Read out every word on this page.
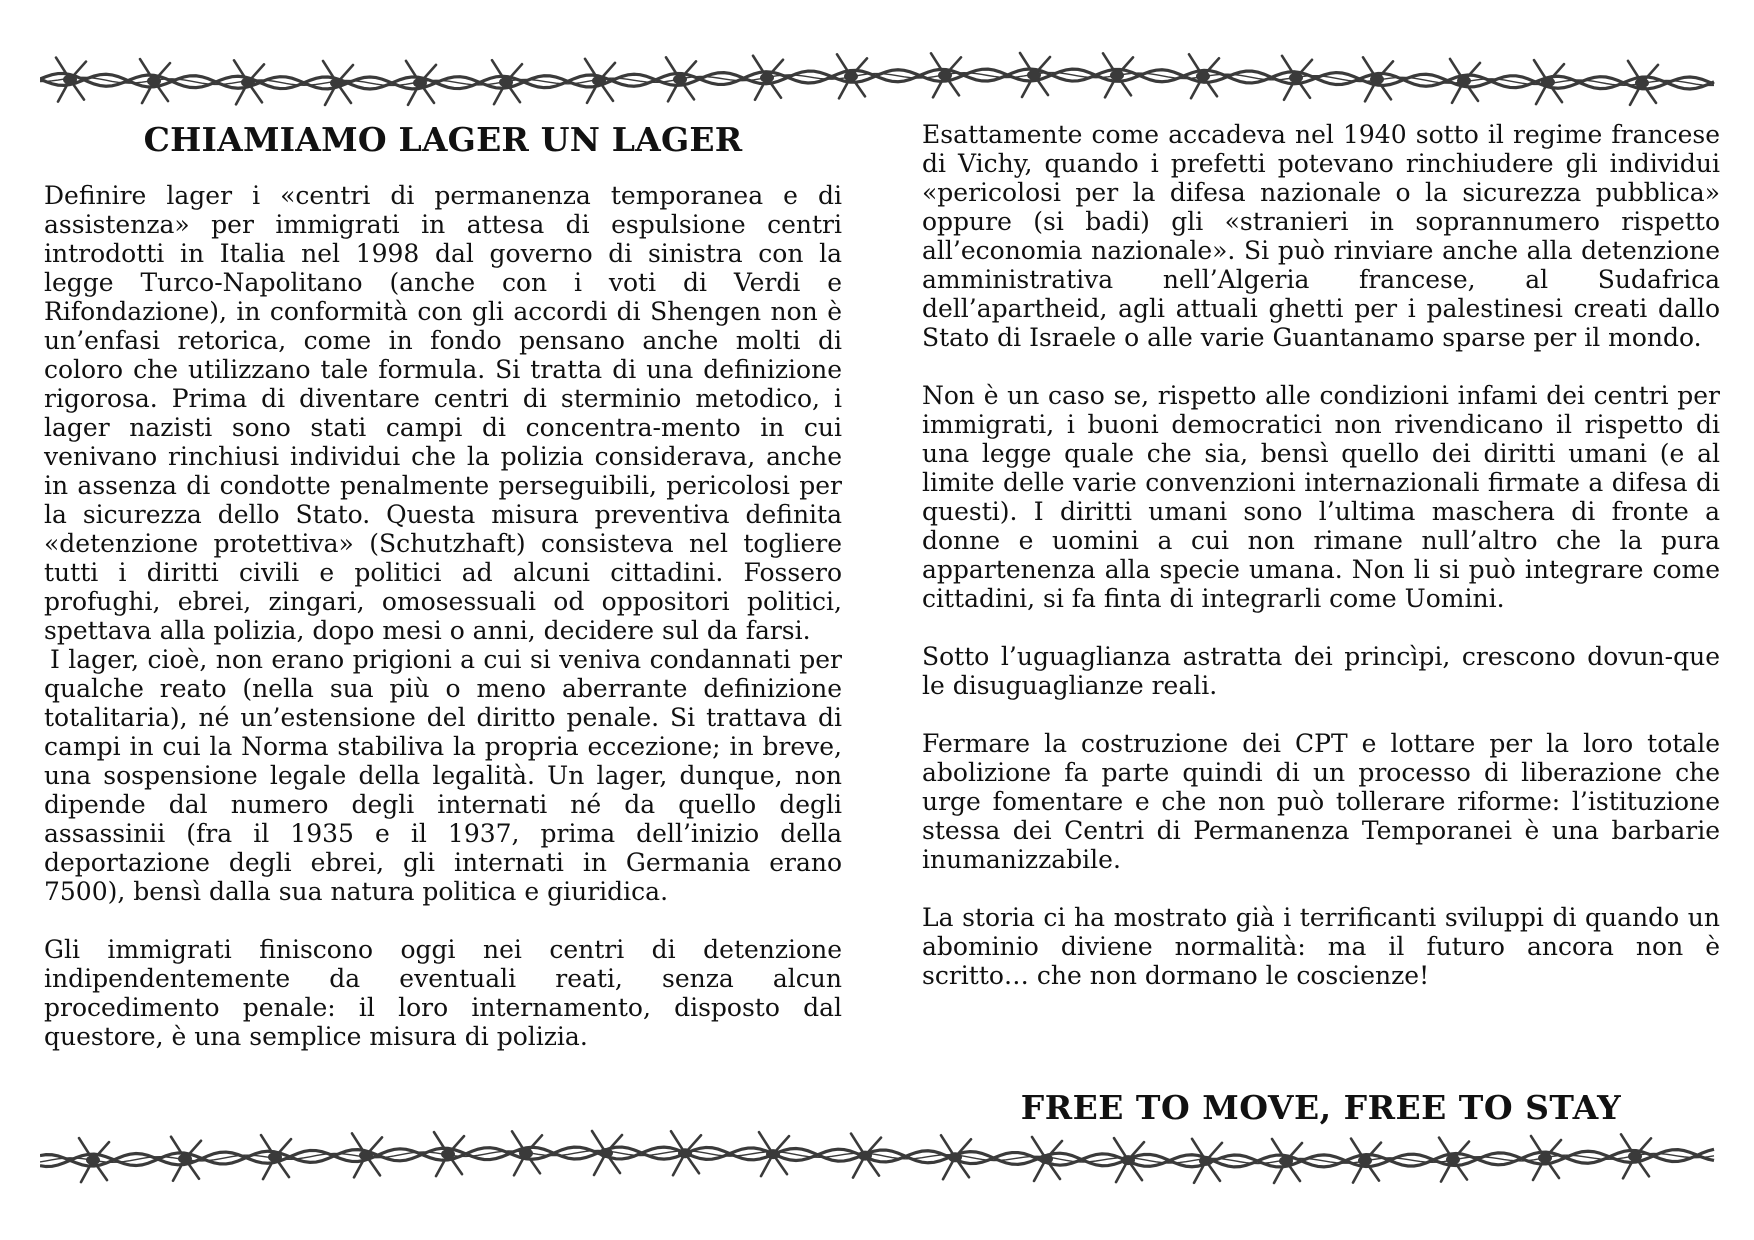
CHIAMIAMO LAGER UN LAGER

Definire lager i «centri di permanenza temporanea e di assistenza» per immigrati in attesa di espulsione centri introdotti in Italia nel 1998 dal governo di sinistra con la legge Turco-Napolitano (anche con i voti di Verdi e Rifondazione), in conformità con gli accordi di Shengen non è un’enfasi retorica, come in fondo pensano anche molti di coloro che utilizzano tale formula. Si tratta di una definizione rigorosa. Prima di diventare centri di sterminio metodico, i lager nazisti sono stati campi di concentra-mento in cui venivano rinchiusi individui che la polizia considerava, anche in assenza di condotte penalmente perseguibili, pericolosi per la sicurezza dello Stato. Questa misura preventiva definita «detenzione protettiva» (Schutzhaft) consisteva nel togliere tutti i diritti civili e politici ad alcuni cittadini. Fossero profughi, ebrei, zingari, omosessuali od oppositori politici, spettava alla polizia, dopo mesi o anni, decidere sul da farsi.

I lager, cioè, non erano prigioni a cui si veniva condannati per qualche reato (nella sua più o meno aberrante definizione totalitaria), né un’estensione del diritto penale. Si trattava di campi in cui la Norma stabiliva la propria eccezione; in breve, una sospensione legale della legalità. Un lager, dunque, non dipende dal numero degli internati né da quello degli assassinii (fra il 1935 e il 1937, prima dell’inizio della deportazione degli ebrei, gli internati in Germania erano 7500), bensì dalla sua natura politica e giuridica.

Gli immigrati finiscono oggi nei centri di detenzione indipendentemente da eventuali reati, senza alcun procedimento penale: il loro internamento, disposto dal questore, è una semplice misura di polizia.

Esattamente come accadeva nel 1940 sotto il regime francese di Vichy, quando i prefetti potevano rinchiudere gli individui «pericolosi per la difesa nazionale o la sicurezza pubblica» oppure (si badi) gli «stranieri in soprannumero rispetto all’economia nazionale». Si può rinviare anche alla detenzione amministrativa nell’Algeria francese, al Sudafrica dell’apartheid, agli attuali ghetti per i palestinesi creati dallo Stato di Israele o alle varie Guantanamo sparse per il mondo.

Non è un caso se, rispetto alle condizioni infami dei centri per immigrati, i buoni democratici non rivendicano il rispetto di una legge quale che sia, bensì quello dei diritti umani (e al limite delle varie convenzioni internazionali firmate a difesa di questi). I diritti umani sono l’ultima maschera di fronte a donne e uomini a cui non rimane null’altro che la pura appartenenza alla specie umana. Non li si può integrare come cittadini, si fa finta di integrarli come Uomini.

Sotto l’uguaglianza astratta dei princìpi, crescono dovun-que le disuguaglianze reali.

Fermare la costruzione dei CPT e lottare per la loro totale abolizione fa parte quindi di un processo di liberazione che urge fomentare e che non può tollerare riforme: l’istituzione stessa dei Centri di Permanenza Temporanei è una barbarie inumanizzabile.

La storia ci ha mostrato già i terrificanti sviluppi di quando un abominio diviene normalità: ma il futuro ancora non è scritto… che non dormano le coscienze!

FREE TO MOVE, FREE TO STAY
